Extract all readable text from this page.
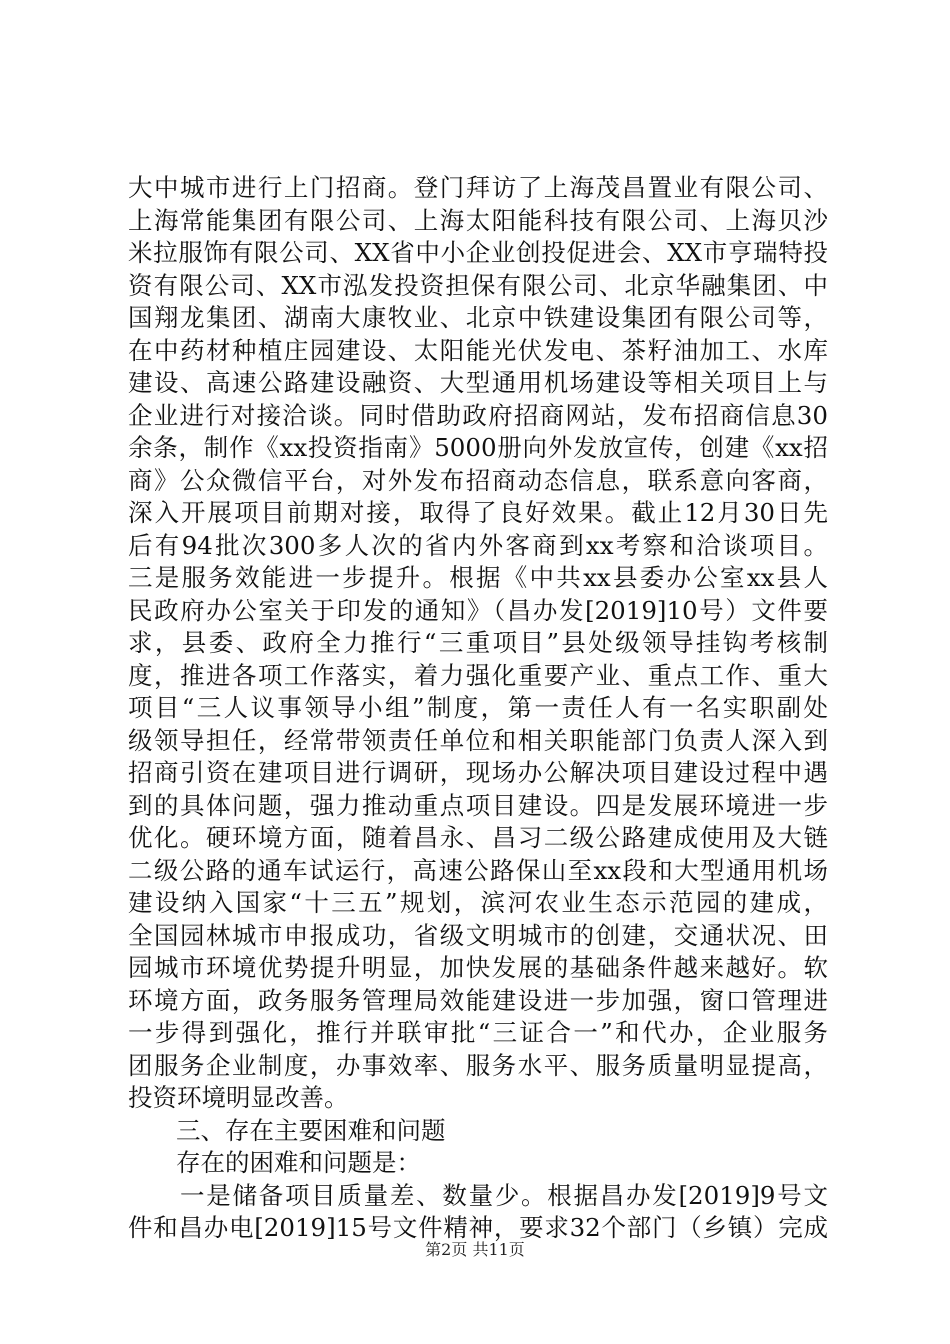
大中城市进行上门招商。登门拜访了上海茂昌置业有限公司、
上海常能集团有限公司、上海太阳能科技有限公司、上海贝沙
米拉服饰有限公司、XX省中小企业创投促进会、XX市亨瑞特投
资有限公司、XX市泓发投资担保有限公司、北京华融集团、中
国翔龙集团、湖南大康牧业、北京中铁建设集团有限公司等，
在中药材种植庄园建设、太阳能光伏发电、茶籽油加工、水库
建设、高速公路建设融资、大型通用机场建设等相关项目上与
企业进行对接洽谈。同时借助政府招商网站，发布招商信息30
余条，制作《xx投资指南》5000册向外发放宣传，创建《xx招
商》公众微信平台，对外发布招商动态信息，联系意向客商，
深入开展项目前期对接，取得了良好效果。截止12月30日先
后有94批次300多人次的省内外客商到xx考察和洽谈项目。
三是服务效能进一步提升。根据《中共xx县委办公室xx县人
民政府办公室关于印发的通知》（昌办发[2019]10号）文件要
求，县委、政府全力推行“三重项目”县处级领导挂钩考核制
度，推进各项工作落实，着力强化重要产业、重点工作、重大
项目“三人议事领导小组”制度，第一责任人有一名实职副处
级领导担任，经常带领责任单位和相关职能部门负责人深入到
招商引资在建项目进行调研，现场办公解决项目建设过程中遇
到的具体问题，强力推动重点项目建设。四是发展环境进一步
优化。硬环境方面，随着昌永、昌习二级公路建成使用及大链
二级公路的通车试运行，高速公路保山至xx段和大型通用机场
建设纳入国家“十三五”规划，滨河农业生态示范园的建成，
全国园林城市申报成功，省级文明城市的创建，交通状况、田
园城市环境优势提升明显，加快发展的基础条件越来越好。软
环境方面，政务服务管理局效能建设进一步加强，窗口管理进
一步得到强化，推行并联审批“三证合一”和代办，企业服务
团服务企业制度，办事效率、服务水平、服务质量明显提高，
投资环境明显改善。
三、存在主要困难和问题
存在的困难和问题是：
一是储备项目质量差、数量少。根据昌办发[2019]9号文
件和昌办电[2019]15号文件精神，要求32个部门（乡镇）完成
第2页 共11页
